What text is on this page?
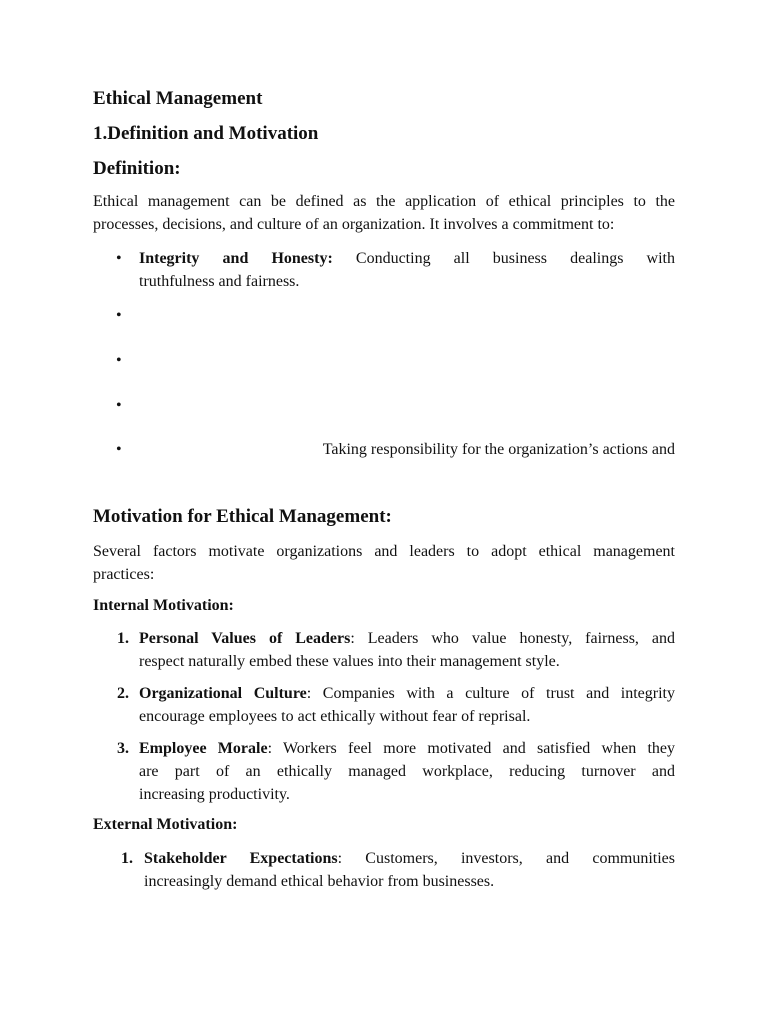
Ethical Management
1.Definition and Motivation
Definition:
Ethical management can be defined as the application of ethical principles to the
processes, decisions, and culture of an organization. It involves a commitment to:
• Integrity and Honesty: Conducting all business dealings with
truthfulness and fairness.
•
•
•
•	Taking responsibility for the organization’s actions and
Motivation for Ethical Management:
Several factors motivate organizations and leaders to adopt ethical management
practices:
Internal Motivation:
1. Personal Values of Leaders: Leaders who value honesty, fairness, and
respect naturally embed these values into their management style.
2. Organizational Culture: Companies with a culture of trust and integrity
encourage employees to act ethically without fear of reprisal.
3. Employee Morale: Workers feel more motivated and satisfied when they
are part of an ethically managed workplace, reducing turnover and
increasing productivity.
External Motivation:
1. Stakeholder Expectations: Customers, investors, and communities
increasingly demand ethical behavior from businesses.
